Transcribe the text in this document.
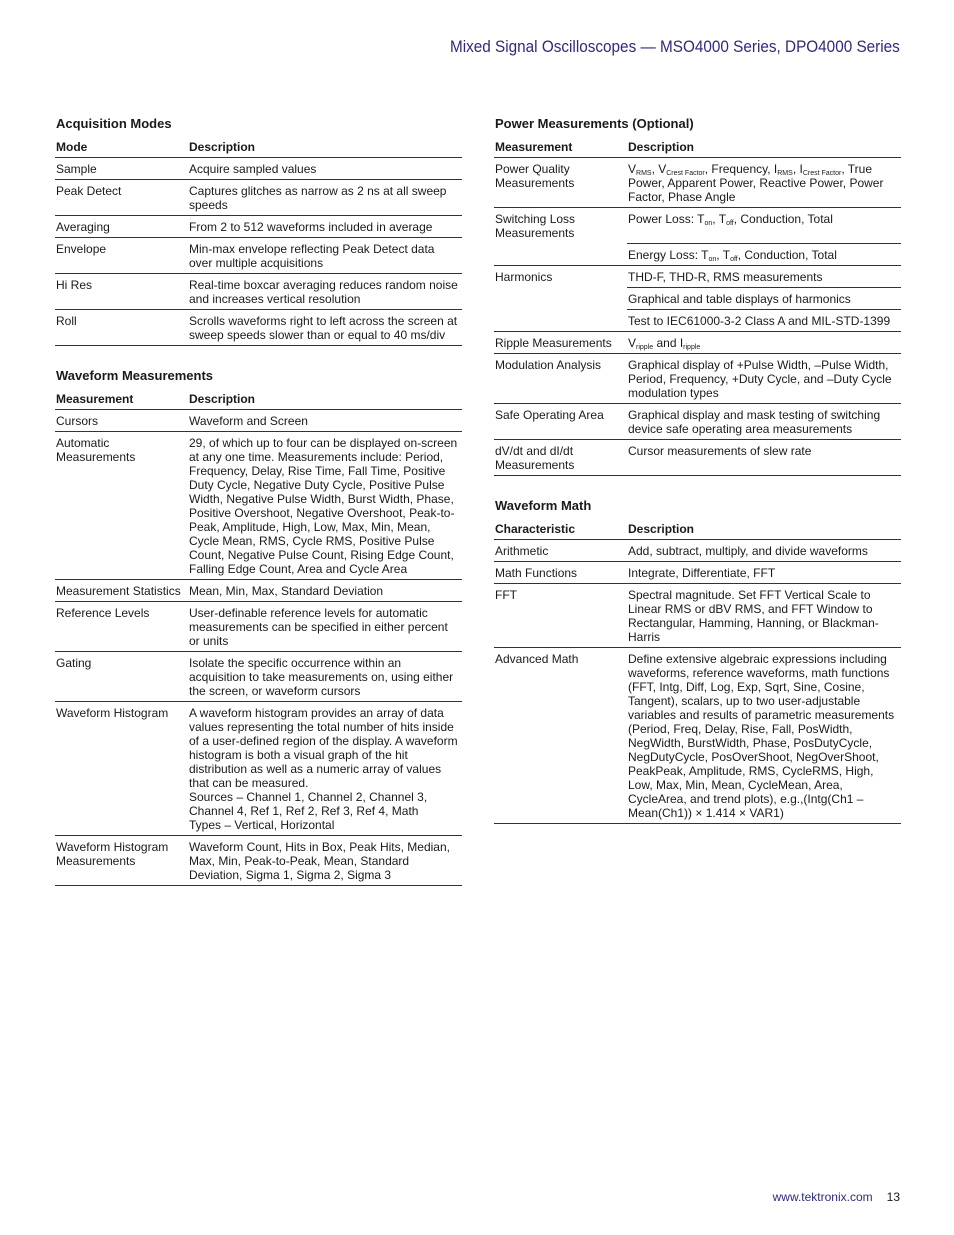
Mixed Signal Oscilloscopes — MSO4000 Series, DPO4000 Series
Acquisition Modes
Mode	Description
Sample	Acquire sampled values
Peak Detect	Captures glitches as narrow as 2 ns at all sweep speeds
Averaging	From 2 to 512 waveforms included in average
Envelope	Min-max envelope reflecting Peak Detect data over multiple acquisitions
Hi Res	Real-time boxcar averaging reduces random noise and increases vertical resolution
Roll	Scrolls waveforms right to left across the screen at sweep speeds slower than or equal to 40 ms/div
Waveform Measurements
Measurement	Description
Cursors	Waveform and Screen
Automatic Measurements	29, of which up to four can be displayed on-screen at any one time. Measurements include: Period, Frequency, Delay, Rise Time, Fall Time, Positive Duty Cycle, Negative Duty Cycle, Positive Pulse Width, Negative Pulse Width, Burst Width, Phase, Positive Overshoot, Negative Overshoot, Peak-to-Peak, Amplitude, High, Low, Max, Min, Mean, Cycle Mean, RMS, Cycle RMS, Positive Pulse Count, Negative Pulse Count, Rising Edge Count, Falling Edge Count, Area and Cycle Area
Measurement Statistics	Mean, Min, Max, Standard Deviation
Reference Levels	User-definable reference levels for automatic measurements can be specified in either percent or units
Gating	Isolate the specific occurrence within an acquisition to take measurements on, using either the screen, or waveform cursors
Waveform Histogram	A waveform histogram provides an array of data values representing the total number of hits inside of a user-defined region of the display. A waveform histogram is both a visual graph of the hit distribution as well as a numeric array of values that can be measured.
Sources – Channel 1, Channel 2, Channel 3, Channel 4, Ref 1, Ref 2, Ref 3, Ref 4, Math
Types – Vertical, Horizontal
Waveform Histogram Measurements	Waveform Count, Hits in Box, Peak Hits, Median, Max, Min, Peak-to-Peak, Mean, Standard Deviation, Sigma 1, Sigma 2, Sigma 3
Power Measurements (Optional)
Measurement	Description
Power Quality Measurements	$V_{RMS}$, $V_{Crest Factor}$, Frequency, $I_{RMS}$, $I_{Crest Factor}$, True Power, Apparent Power, Reactive Power, Power Factor, Phase Angle
Switching Loss Measurements	Power Loss: $T_{on}$, $T_{off}$, Conduction, Total
	Energy Loss: $T_{on}$, $T_{off}$, Conduction, Total
Harmonics	THD-F, THD-R, RMS measurements
	Graphical and table displays of harmonics
	Test to IEC61000-3-2 Class A and MIL-STD-1399
Ripple Measurements	$V_{ripple}$ and $I_{ripple}$
Modulation Analysis	Graphical display of +Pulse Width, –Pulse Width, Period, Frequency, +Duty Cycle, and –Duty Cycle modulation types
Safe Operating Area	Graphical display and mask testing of switching device safe operating area measurements
dV/dt and dI/dt Measurements	Cursor measurements of slew rate
Waveform Math
Characteristic	Description
Arithmetic	Add, subtract, multiply, and divide waveforms
Math Functions	Integrate, Differentiate, FFT
FFT	Spectral magnitude. Set FFT Vertical Scale to Linear RMS or dBV RMS, and FFT Window to Rectangular, Hamming, Hanning, or Blackman-Harris
Advanced Math	Define extensive algebraic expressions including waveforms, reference waveforms, math functions (FFT, Intg, Diff, Log, Exp, Sqrt, Sine, Cosine, Tangent), scalars, up to two user-adjustable variables and results of parametric measurements (Period, Freq, Delay, Rise, Fall, PosWidth, NegWidth, BurstWidth, Phase, PosDutyCycle, NegDutyCycle, PosOverShoot, NegOverShoot, PeakPeak, Amplitude, RMS, CycleRMS, High, Low, Max, Min, Mean, CycleMean, Area, CycleArea, and trend plots), e.g.,(Intg(Ch1 – Mean(Ch1)) × 1.414 × VAR1)
www.tektronix.com 13
